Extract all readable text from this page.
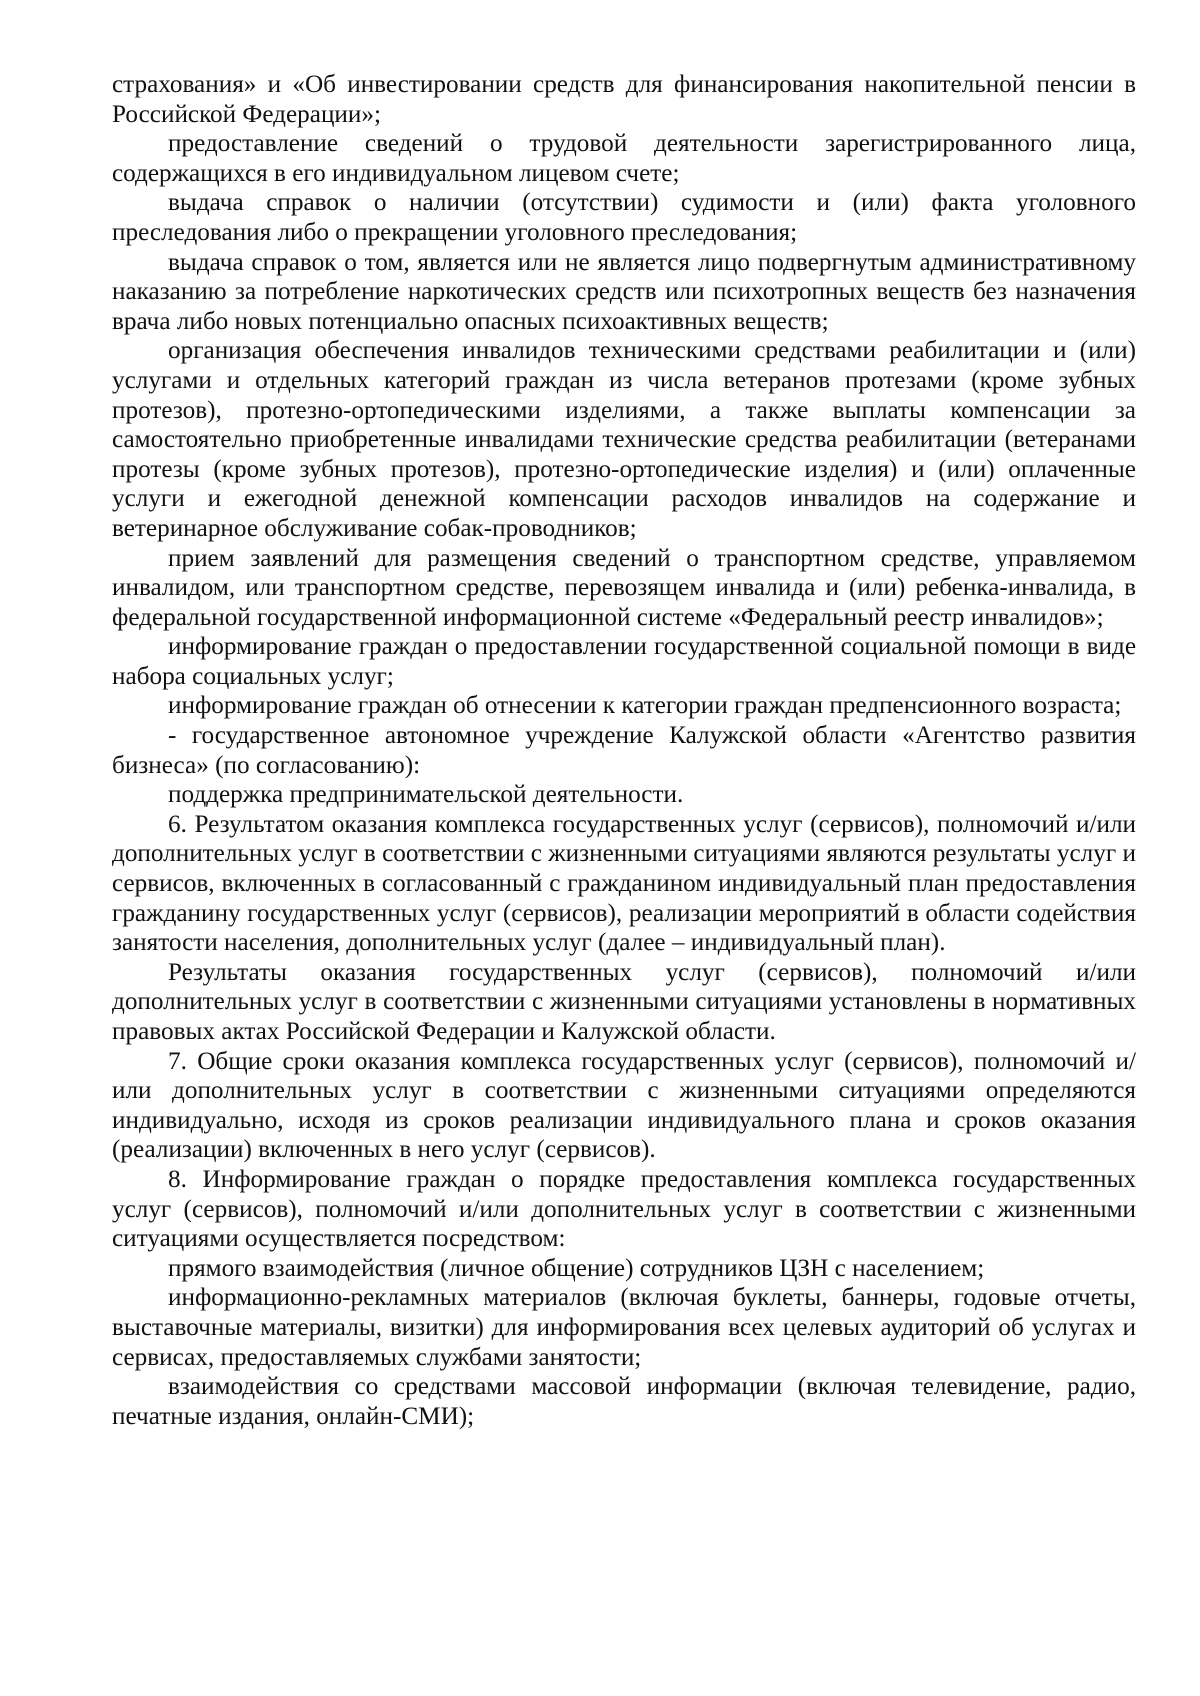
страхования» и «Об инвестировании средств для финансирования накопительной пенсии в Российской Федерации»;

предоставление сведений о трудовой деятельности зарегистрированного лица, содержащихся в его индивидуальном лицевом счете;

выдача справок о наличии (отсутствии) судимости и (или) факта уголовного преследования либо о прекращении уголовного преследования;

выдача справок о том, является или не является лицо подвергнутым административному наказанию за потребление наркотических средств или психотропных веществ без назначения врача либо новых потенциально опасных психоактивных веществ;

организация обеспечения инвалидов техническими средствами реабилитации и (или) услугами и отдельных категорий граждан из числа ветеранов протезами (кроме зубных протезов), протезно-ортопедическими изделиями, а также выплаты компенсации за самостоятельно приобретенные инвалидами технические средства реабилитации (ветеранами протезы (кроме зубных протезов), протезно-ортопедические изделия) и (или) оплаченные услуги и ежегодной денежной компенсации расходов инвалидов на содержание и ветеринарное обслуживание собак-проводников;

прием заявлений для размещения сведений о транспортном средстве, управляемом инвалидом, или транспортном средстве, перевозящем инвалида и (или) ребенка-инвалида, в федеральной государственной информационной системе «Федеральный реестр инвалидов»;

информирование граждан о предоставлении государственной социальной помощи в виде набора социальных услуг;

информирование граждан об отнесении к категории граждан предпенсионного возраста;

- государственное автономное учреждение Калужской области «Агентство развития бизнеса» (по согласованию):

поддержка предпринимательской деятельности.

6. Результатом оказания комплекса государственных услуг (сервисов), полномочий и/или дополнительных услуг в соответствии с жизненными ситуациями являются результаты услуг и сервисов, включенных в согласованный с гражданином индивидуальный план предоставления гражданину государственных услуг (сервисов), реализации мероприятий в области содействия занятости населения, дополнительных услуг (далее – индивидуальный план).

Результаты оказания государственных услуг (сервисов), полномочий и/или дополнительных услуг в соответствии с жизненными ситуациями установлены в нормативных правовых актах Российской Федерации и Калужской области.

7. Общие сроки оказания комплекса государственных услуг (сервисов), полномочий и/или дополнительных услуг в соответствии с жизненными ситуациями определяются индивидуально, исходя из сроков реализации индивидуального плана и сроков оказания (реализации) включенных в него услуг (сервисов).

8. Информирование граждан о порядке предоставления комплекса государственных услуг (сервисов), полномочий и/или дополнительных услуг в соответствии с жизненными ситуациями осуществляется посредством:

прямого взаимодействия (личное общение) сотрудников ЦЗН с населением;

информационно-рекламных материалов (включая буклеты, баннеры, годовые отчеты, выставочные материалы, визитки) для информирования всех целевых аудиторий об услугах и сервисах, предоставляемых службами занятости;

взаимодействия со средствами массовой информации (включая телевидение, радио, печатные издания, онлайн-СМИ);
